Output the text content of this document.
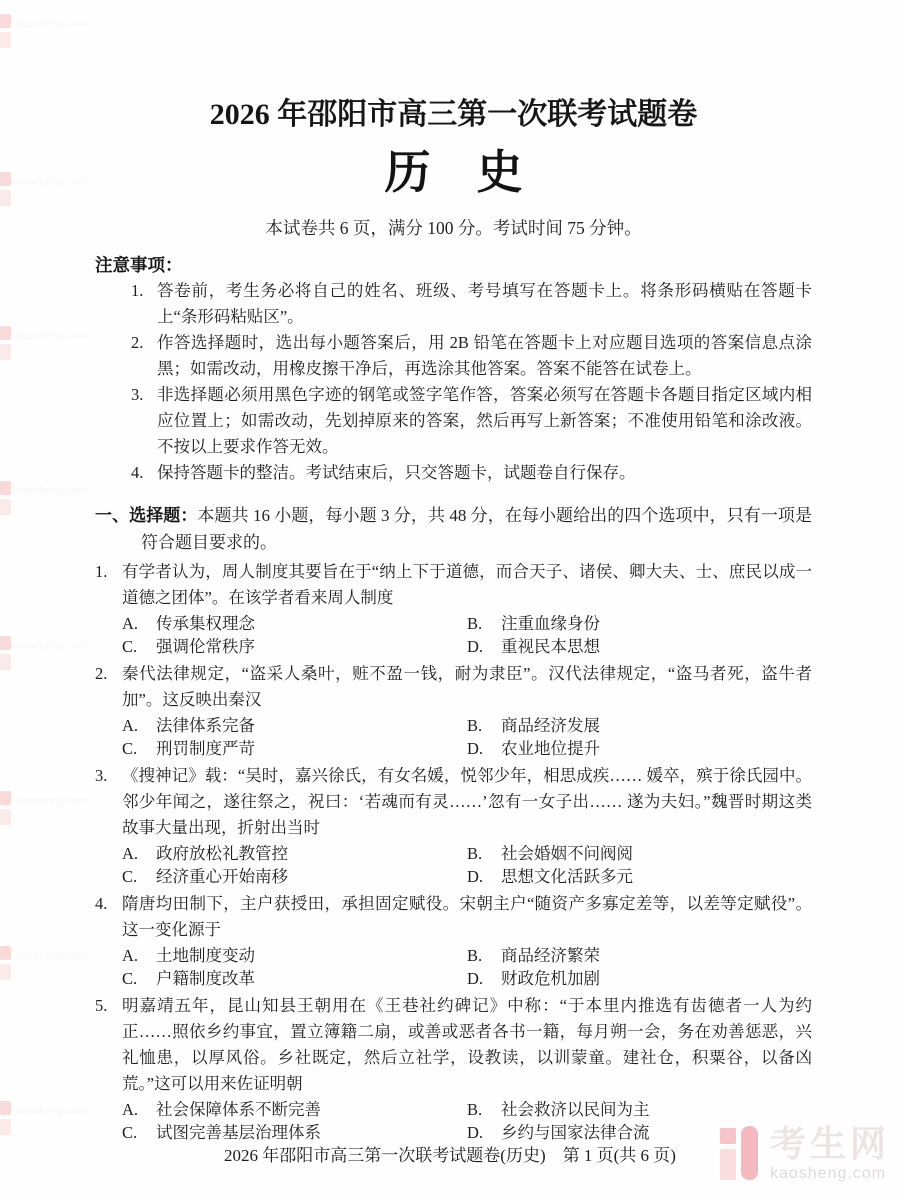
kaosheng.com
kaosheng.com
kaosheng.com
kaosheng.com
kaosheng.com
kaosheng.com
kaosheng.com
kaosheng.com
2026 年邵阳市高三第一次联考试题卷
历　史
本试卷共 6 页，满分 100 分。考试时间 75 分钟。
注意事项：
1. 答卷前，考生务必将自己的姓名、班级、考号填写在答题卡上。将条形码横贴在答题卡上“条形码粘贴区”。
2. 作答选择题时，选出每小题答案后，用 2B 铅笔在答题卡上对应题目选项的答案信息点涂黑；如需改动，用橡皮擦干净后，再选涂其他答案。答案不能答在试卷上。
3. 非选择题必须用黑色字迹的钢笔或签字笔作答，答案必须写在答题卡各题目指定区域内相应位置上；如需改动，先划掉原来的答案，然后再写上新答案；不准使用铅笔和涂改液。不按以上要求作答无效。
4. 保持答题卡的整洁。考试结束后，只交答题卡，试题卷自行保存。
一、选择题：本题共 16 小题，每小题 3 分，共 48 分，在每小题给出的四个选项中，只有一项是符合题目要求的。
1. 有学者认为，周人制度其要旨在于“纳上下于道德，而合天子、诸侯、卿大夫、士、庶民以成一道德之团体”。在该学者看来周人制度
A.	传承集权理念	B.	注重血缘身份
C.	强调伦常秩序	D.	重视民本思想
2. 秦代法律规定，“盗采人桑叶，赃不盈一钱，耐为隶臣”。汉代法律规定，“盗马者死，盗牛者加”。这反映出秦汉
A.	法律体系完备	B.	商品经济发展
C.	刑罚制度严苛	D.	农业地位提升
3. 《搜神记》载：“吴时，嘉兴徐氏，有女名媛，悦邻少年，相思成疾…… 媛卒，殡于徐氏园中。邻少年闻之，遂往祭之，祝曰：‘若魂而有灵……’忽有一女子出…… 遂为夫妇。”魏晋时期这类故事大量出现，折射出当时
A.	政府放松礼教管控	B.	社会婚姻不问阀阅
C.	经济重心开始南移	D.	思想文化活跃多元
4. 隋唐均田制下，主户获授田，承担固定赋役。宋朝主户“随资产多寡定差等，以差等定赋役”。这一变化源于
A.	土地制度变动	B.	商品经济繁荣
C.	户籍制度改革	D.	财政危机加剧
5. 明嘉靖五年，昆山知县王朝用在《王巷社约碑记》中称：“于本里内推选有齿德者一人为约正……照依乡约事宜，置立簿籍二扇，或善或恶者各书一籍，每月朔一会，务在劝善惩恶，兴礼恤患，以厚风俗。乡社既定，然后立社学，设教读，以训蒙童。建社仓，积粟谷，以备凶荒。”这可以用来佐证明朝
A.	社会保障体系不断完善	B.	社会救济以民间为主
C.	试图完善基层治理体系	D.	乡约与国家法律合流
2026 年邵阳市高三第一次联考试题卷(历史)　第 1 页(共 6 页)	考生网
kaosheng.com
